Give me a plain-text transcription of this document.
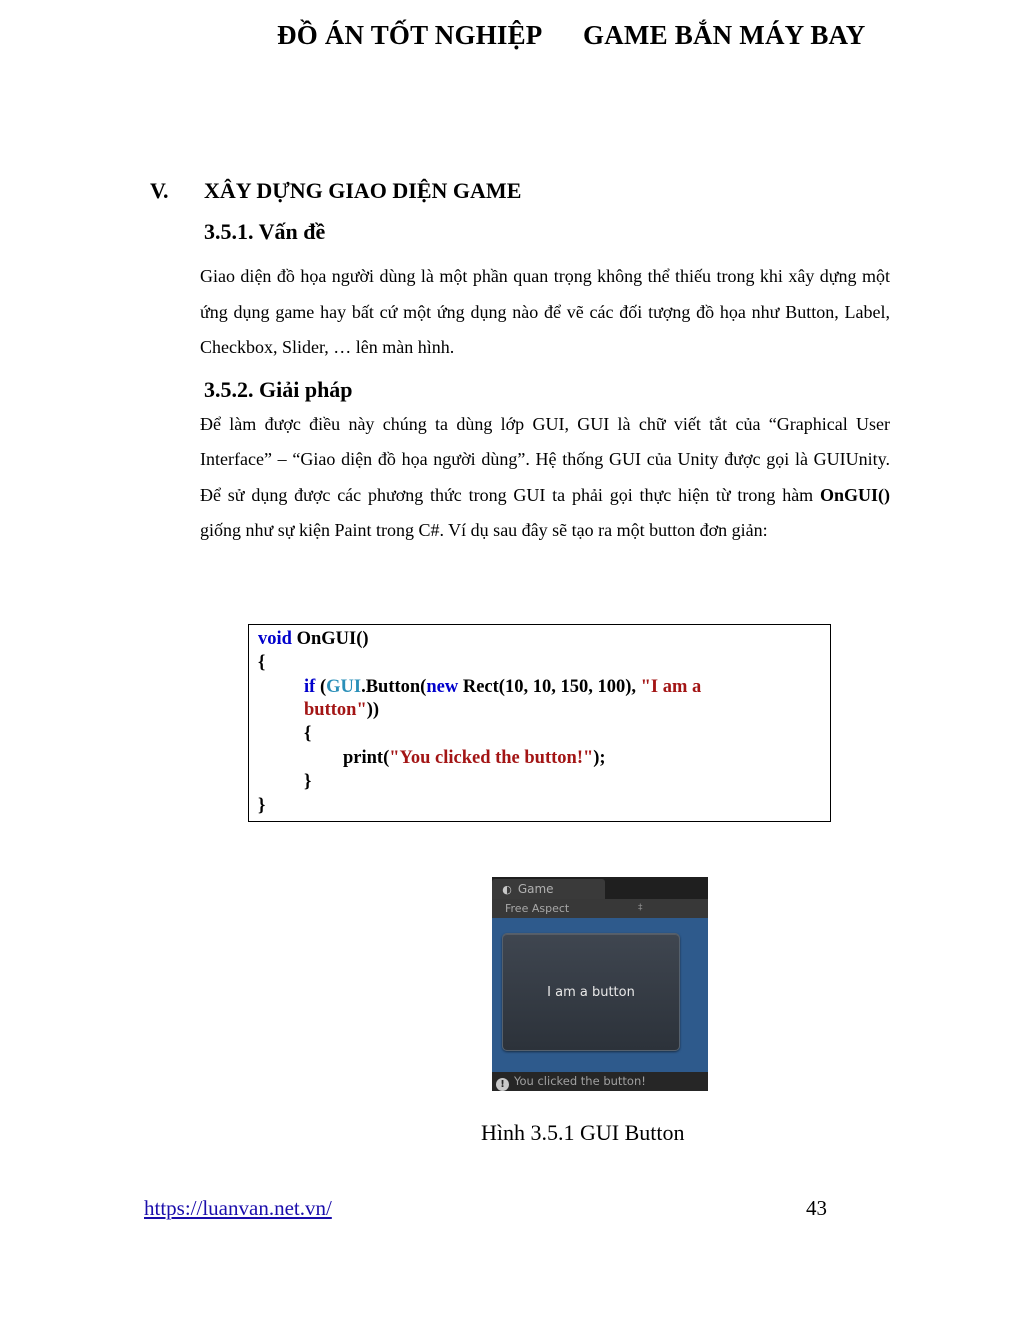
ĐỒ ÁN TỐT NGHIỆP GAME BẮN MÁY BAY
V. XÂY DỰNG GIAO DIỆN GAME
3.5.1. Vấn đề
Giao diện đồ họa người dùng là một phần quan trọng không thể thiếu trong khi xây dựng một ứng dụng game hay bất cứ một ứng dụng nào để vẽ các đối tượng đồ họa như Button, Label, Checkbox, Slider, … lên màn hình.
3.5.2. Giải pháp
Để làm được điều này chúng ta dùng lớp GUI, GUI là chữ viết tắt của “Graphical User Interface” – “Giao diện đồ họa người dùng”. Hệ thống GUI của Unity được gọi là GUIUnity. Để sử dụng được các phương thức trong GUI ta phải gọi thực hiện từ trong hàm OnGUI() giống như sự kiện Paint trong C#. Ví dụ sau đây sẽ tạo ra một button đơn giản:
void OnGUI()
{
if (GUI.Button(new Rect(10, 10, 150, 100), "I am a
button"))
{
print("You clicked the button!");
}
}
◐ Game
Free Aspect	‡
I am a button
! You clicked the button!
Hình 3.5.1 GUI Button
https://luanvan.net.vn/	43
